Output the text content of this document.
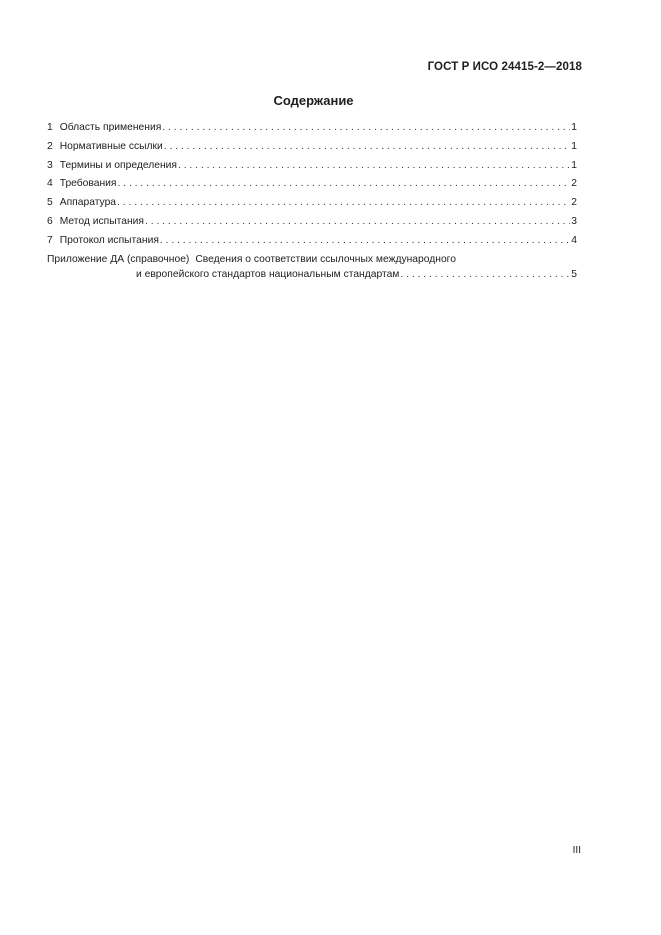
ГОСТ Р ИСО 24415-2—2018
Содержание
1 Область применения . . .	1
2 Нормативные ссылки . . .	1
3 Термины и определения . . .	1
4 Требования . . .	2
5 Аппаратура . . .	2
6 Метод испытания . . .	3
7 Протокол испытания . . .	4
Приложение ДА (справочное) Сведения о соответствии ссылочных международного
и европейского стандартов национальным стандартам . . .	5
III
